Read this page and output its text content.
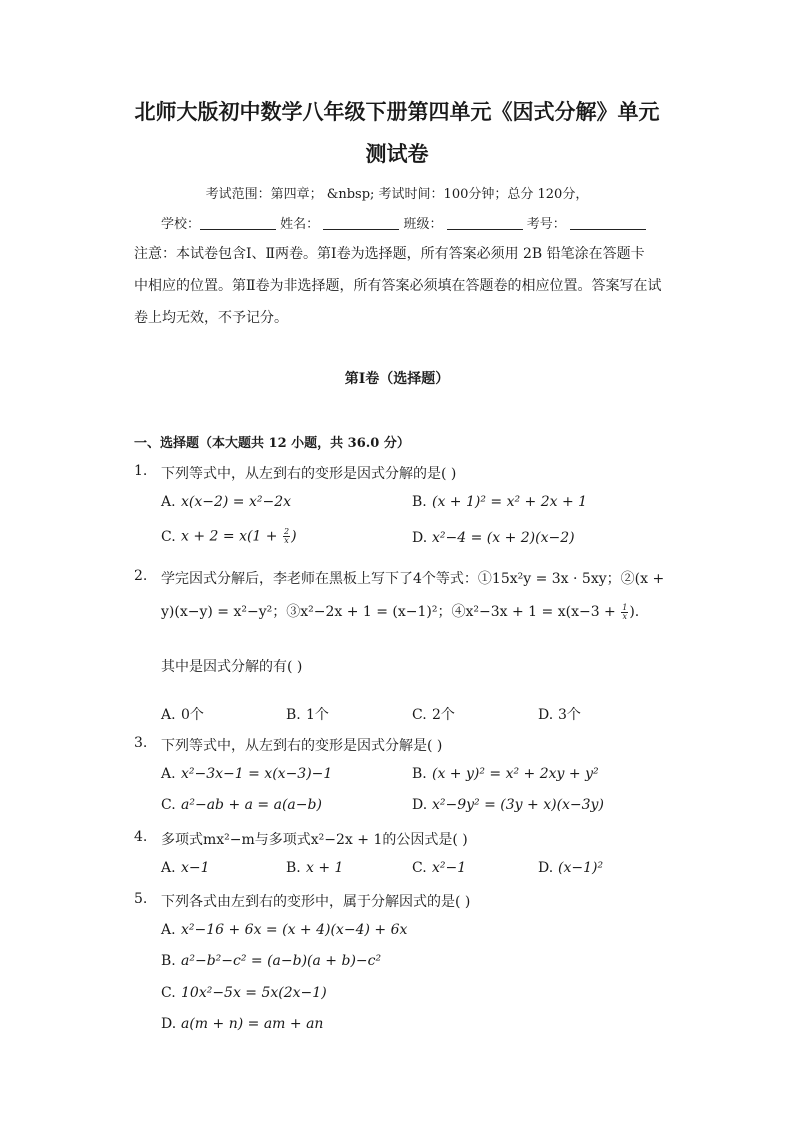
北师大版初中数学八年级下册第四单元《因式分解》单元
测试卷
考试范围：第四章； &nbsp; 考试时间：100分钟；总分 120分，
学校：	姓名：	班级：	考号：

注意：本试卷包含Ⅰ、Ⅱ两卷。第Ⅰ卷为选择题，所有答案必须用 2B 铅笔涂在答题卡

中相应的位置。第Ⅱ卷为非选择题，所有答案必须填在答题卷的相应位置。答案写在试

卷上均无效，不予记分。

第Ⅰ卷（选择题）
一、选择题（本大题共 12 小题，共 36.0 分）
1. 下列等式中，从左到右的变形是因式分解的是( )
A. x(x−2) = x²−2x	B. (x + 1)² = x² + 2x + 1
C. $x + 2 = x(1 + \frac{2}{x}$ )	D. x²−4 = (x + 2)(x−2)
2. 学完因式分解后，李老师在黑板上写下了4个等式：①15x²y = 3x · 5xy；②(x +
y)(x−y) = x²−y²；③x²−2x + 1 = (x−1)²；④x²−3x + $1 = x(x-3 + \frac{1}{x}$ ).
其中是因式分解的有( )
A. 0个	B. 1个	C. 2个	D. 3个
3. 下列等式中，从左到右的变形是因式分解是( )
A. x²−3x−1 = x(x−3)−1	B. (x + y)² = x² + 2xy + y²
C. a²−ab + a = a(a−b)	D. x²−9y² = (3y + x)(x−3y)
4. 多项式mx²−m与多项式x²−2x + 1的公因式是( )
A. x−1	B. x + 1	C. x²−1	D. (x−1)²
5. 下列各式由左到右的变形中，属于分解因式的是( )
A. x²−16 + 6x = (x + 4)(x−4) + 6x
B. a²−b²−c² = (a−b)(a + b)−c²
C. 10x²−5x = 5x(2x−1)
D. a(m + n) = am + an
